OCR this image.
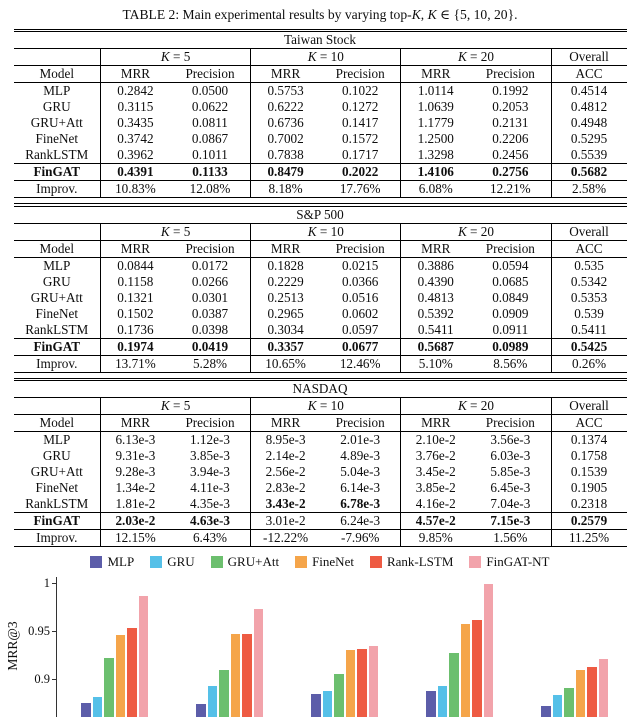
TABLE 2: Main experimental results by varying top-K, K ∈ {5, 10, 20}.
Taiwan Stock							
	K = 5		K = 10		K = 20		Overall
Model	MRR	Precision	MRR	Precision	MRR	Precision	ACC
MLP	0.2842	0.0500	0.5753	0.1022	1.0114	0.1992	0.4514
GRU	0.3115	0.0622	0.6222	0.1272	1.0639	0.2053	0.4812
GRU+Att	0.3435	0.0811	0.6736	0.1417	1.1779	0.2131	0.4948
FineNet	0.3742	0.0867	0.7002	0.1572	1.2500	0.2206	0.5295
RankLSTM	0.3962	0.1011	0.7838	0.1717	1.3298	0.2456	0.5539
FinGAT	0.4391	0.1133	0.8479	0.2022	1.4106	0.2756	0.5682
Improv.	10.83%	12.08%	8.18%	17.76%	6.08%	12.21%	2.58%
S&P 500							
	K = 5		K = 10		K = 20		Overall
Model	MRR	Precision	MRR	Precision	MRR	Precision	ACC
MLP	0.0844	0.0172	0.1828	0.0215	0.3886	0.0594	0.535
GRU	0.1158	0.0266	0.2229	0.0366	0.4390	0.0685	0.5342
GRU+Att	0.1321	0.0301	0.2513	0.0516	0.4813	0.0849	0.5353
FineNet	0.1502	0.0387	0.2965	0.0602	0.5392	0.0909	0.539
RankLSTM	0.1736	0.0398	0.3034	0.0597	0.5411	0.0911	0.5411
FinGAT	0.1974	0.0419	0.3357	0.0677	0.5687	0.0989	0.5425
Improv.	13.71%	5.28%	10.65%	12.46%	5.10%	8.56%	0.26%
NASDAQ							
	K = 5		K = 10		K = 20		Overall
Model	MRR	Precision	MRR	Precision	MRR	Precision	ACC
MLP	6.13e-3	1.12e-3	8.95e-3	2.01e-3	2.10e-2	3.56e-3	0.1374
GRU	9.31e-3	3.85e-3	2.14e-2	4.89e-3	3.76e-2	6.03e-3	0.1758
GRU+Att	9.28e-3	3.94e-3	2.56e-2	5.04e-3	3.45e-2	5.85e-3	0.1539
FineNet	1.34e-2	4.11e-3	2.83e-2	6.14e-3	3.85e-2	6.45e-3	0.1905
RankLSTM	1.81e-2	4.35e-3	3.43e-2	6.78e-3	4.16e-2	7.04e-3	0.2318
FinGAT	2.03e-2	4.63e-3	3.01e-2	6.24e-3	4.57e-2	7.15e-3	0.2579
Improv.	12.15%	6.43%	-12.22%	-7.96%	9.85%	1.56%	11.25%
MLP	GRU	GRU+Att	FineNet	Rank-LSTM	FinGAT-NT
MRR@3
1
0.95
0.9
